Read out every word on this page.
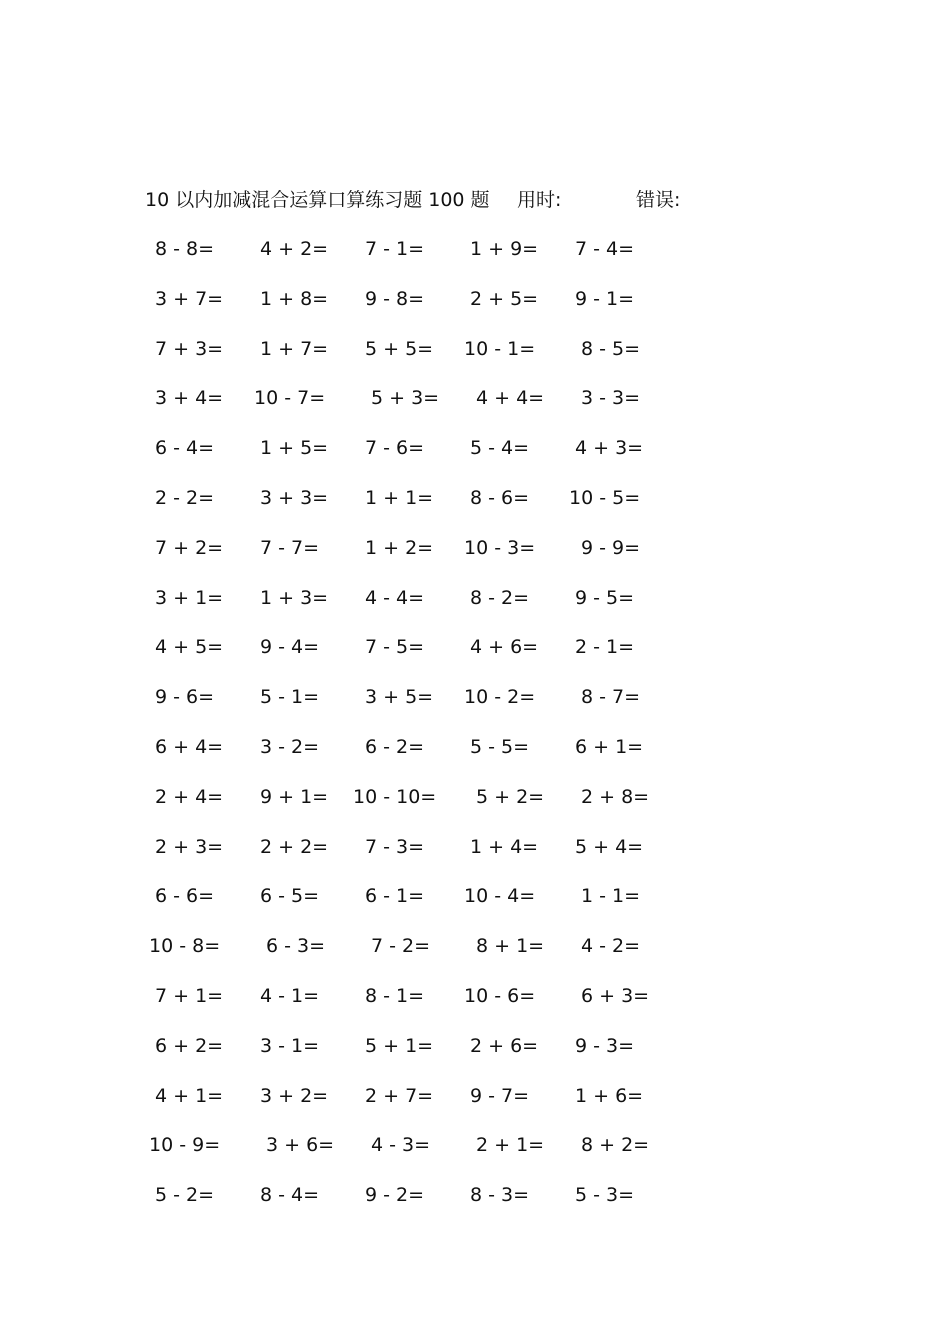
10 以内加减混合运算口算练习题 100 题 用时:	错误:
8 - 8= 4 + 2= 7 - 1= 1 + 9= 7 - 4=
3 + 7= 1 + 8= 9 - 8= 2 + 5= 9 - 1=
7 + 3= 1 + 7= 5 + 5= 10 - 1= 8 - 5=
3 + 4= 10 - 7= 5 + 3= 4 + 4= 3 - 3=
6 - 4= 1 + 5= 7 - 6= 5 - 4= 4 + 3=
2 - 2= 3 + 3= 1 + 1= 8 - 6= 10 - 5=
7 + 2= 7 - 7= 1 + 2= 10 - 3= 9 - 9=
3 + 1= 1 + 3= 4 - 4= 8 - 2= 9 - 5=
4 + 5= 9 - 4= 7 - 5= 4 + 6= 2 - 1=
9 - 6= 5 - 1= 3 + 5= 10 - 2= 8 - 7=
6 + 4= 3 - 2= 6 - 2= 5 - 5= 6 + 1=
2 + 4= 9 + 1= 10 - 10= 5 + 2= 2 + 8=
2 + 3= 2 + 2= 7 - 3= 1 + 4= 5 + 4=
6 - 6= 6 - 5= 6 - 1= 10 - 4= 1 - 1=
10 - 8= 6 - 3= 7 - 2= 8 + 1= 4 - 2=
7 + 1= 4 - 1= 8 - 1= 10 - 6= 6 + 3=
6 + 2= 3 - 1= 5 + 1= 2 + 6= 9 - 3=
4 + 1= 3 + 2= 2 + 7= 9 - 7= 1 + 6=
10 - 9= 3 + 6= 4 - 3= 2 + 1= 8 + 2=
5 - 2= 8 - 4= 9 - 2= 8 - 3= 5 - 3=
